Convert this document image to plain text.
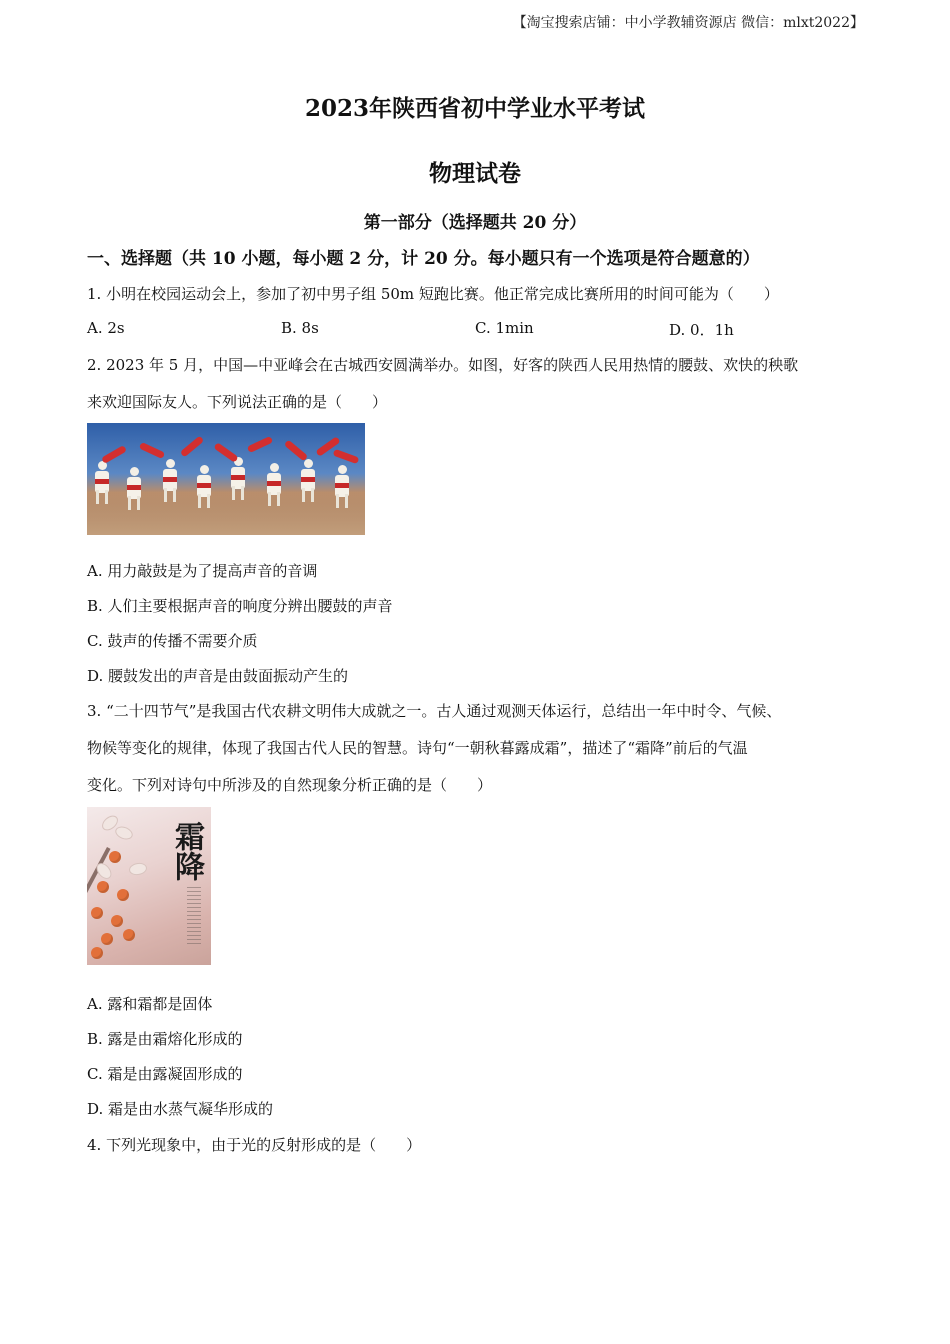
【淘宝搜索店铺：中小学教辅资源店 微信：mlxt2022】
2023年陕西省初中学业水平考试
物理试卷
第一部分（选择题共 20 分）
一、选择题（共 10 小题，每小题 2 分，计 20 分。每小题只有一个选项是符合题意的）
1. 小明在校园运动会上，参加了初中男子组 50m 短跑比赛。他正常完成比赛所用的时间可能为（　　）
A. 2s	B. 8s	C. 1min	D. 0．1h
2. 2023 年 5 月，中国—中亚峰会在古城西安圆满举办。如图，好客的陕西人民用热情的腰鼓、欢快的秧歌
来欢迎国际友人。下列说法正确的是（　　）
A. 用力敲鼓是为了提高声音的音调
B. 人们主要根据声音的响度分辨出腰鼓的声音
C. 鼓声的传播不需要介质
D. 腰鼓发出的声音是由鼓面振动产生的
3. “二十四节气”是我国古代农耕文明伟大成就之一。古人通过观测天体运行，总结出一年中时令、气候、
物候等变化的规律，体现了我国古代人民的智慧。诗句“一朝秋暮露成霜”，描述了“霜降”前后的气温
变化。下列对诗句中所涉及的自然现象分析正确的是（　　）
霜降
A. 露和霜都是固体
B. 露是由霜熔化形成的
C. 霜是由露凝固形成的
D. 霜是由水蒸气凝华形成的
4. 下列光现象中，由于光的反射形成的是（　　）
